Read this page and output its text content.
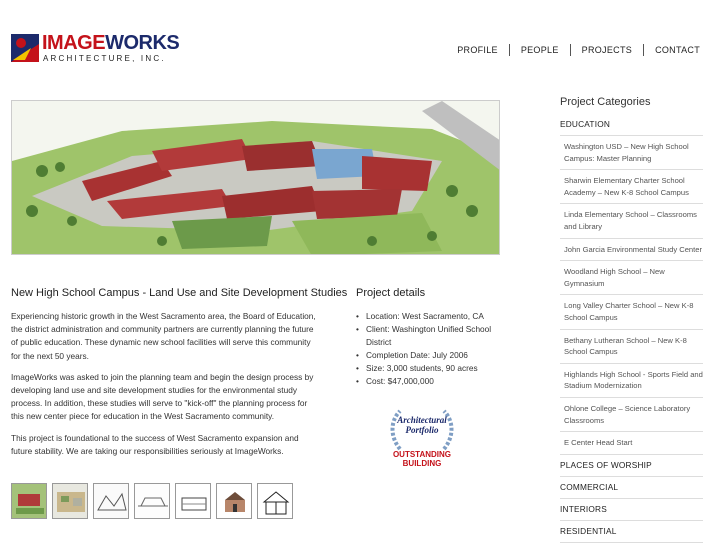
IMAGEWORKS
ARCHITECTURE, INC.
PROFILE	PEOPLE	PROJECTS	CONTACT
New High School Campus - Land Use and Site Development Studies

Experiencing historic growth in the West Sacramento area, the Board of Education, the district administration and community partners are currently planning the future of public education. These dynamic new school facilities will serve this community for the next 50 years.

ImageWorks was asked to join the planning team and begin the design process by developing land use and site development studies for the environmental study process. In addition, these studies will serve to "kick-off" the planning process for this new center piece for education in the West Sacramento community.

This project is foundational to the success of West Sacramento expansion and future stability. We are taking our responsibilities seriously at ImageWorks.

Project details
• Location: West Sacramento, CA
• Client: Washington Unified School District
• Completion Date: July 2006
• Size: 3,000 students, 90 acres
• Cost: $47,000,000
Architectural
Portfolio
OUTSTANDING
BUILDING
Project Categories
EDUCATION
Washington USD – New High School Campus: Master Planning
Sharwin Elementary Charter School Academy – New K-8 School Campus
Linda Elementary School – Classrooms and Library
John Garcia Environmental Study Center
Woodland High School – New Gymnasium
Long Valley Charter School – New K-8 School Campus
Bethany Lutheran School – New K-8 School Campus
Highlands High School - Sports Field and Stadium Modernization
Ohlone College – Science Laboratory Classrooms
E Center Head Start
PLACES OF WORSHIP
COMMERCIAL
INTERIORS
RESIDENTIAL
